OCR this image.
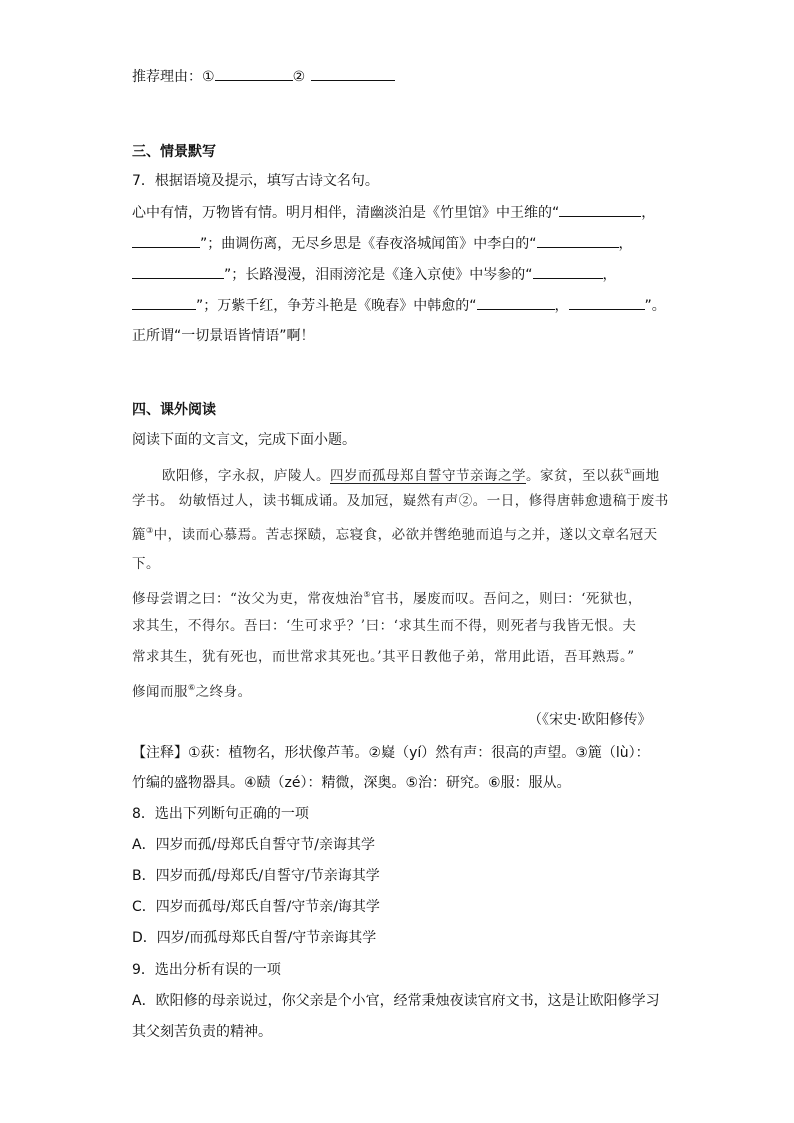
推荐理由：①	②
三、情景默写
7．根据语境及提示，填写古诗文名句。
心中有情，万物皆有情。明月相伴，清幽淡泊是《竹里馆》中王维的“	，
”；曲调伤离，无尽乡思是《春夜洛城闻笛》中李白的“	，
”；长路漫漫，泪雨滂沱是《逢入京使》中岑参的“	，
”；万紫千红，争芳斗艳是《晚春》中韩愈的“	，	”。
正所谓“一切景语皆情语”啊！
四、课外阅读
阅读下面的文言文，完成下面小题。
欧阳修，字永叔，庐陵人。四岁而孤母郑自誓守节亲诲之学。家贫，至以荻①画地
学书。 幼敏悟过人，读书辄成诵。及加冠，嶷然有声②。一日，修得唐韩愈遗稿于废书
簏③中，读而心慕焉。苦志探赜，忘寝食，必欲并辔绝驰而追与之并，遂以文章名冠天
下。
修母尝谓之曰：“汝父为吏，常夜烛治⑤官书，屡废而叹。吾问之，则曰：‘死狱也，
求其生，不得尔。吾曰：‘生可求乎？’曰：‘求其生而不得，则死者与我皆无恨。夫
常求其生，犹有死也，而世常求其死也。’其平日教他子弟，常用此语，吾耳熟焉。”
修闻而服⑥之终身。
（《宋史·欧阳修传》
【注释】①荻：植物名，形状像芦苇。②嶷（yí）然有声：很高的声望。③簏（lù）：
竹编的盛物器具。④赜（zé）：精微，深奥。⑤治：研究。⑥服：服从。
8．选出下列断句正确的一项
A．四岁而孤/母郑氏自誓守节/亲诲其学
B．四岁而孤/母郑氏/自誓守/节亲诲其学
C．四岁而孤母/郑氏自誓/守节亲/诲其学
D．四岁/而孤母郑氏自誓/守节亲诲其学
9．选出分析有误的一项
A．欧阳修的母亲说过，你父亲是个小官，经常秉烛夜读官府文书，这是让欧阳修学习
其父刻苦负责的精神。
